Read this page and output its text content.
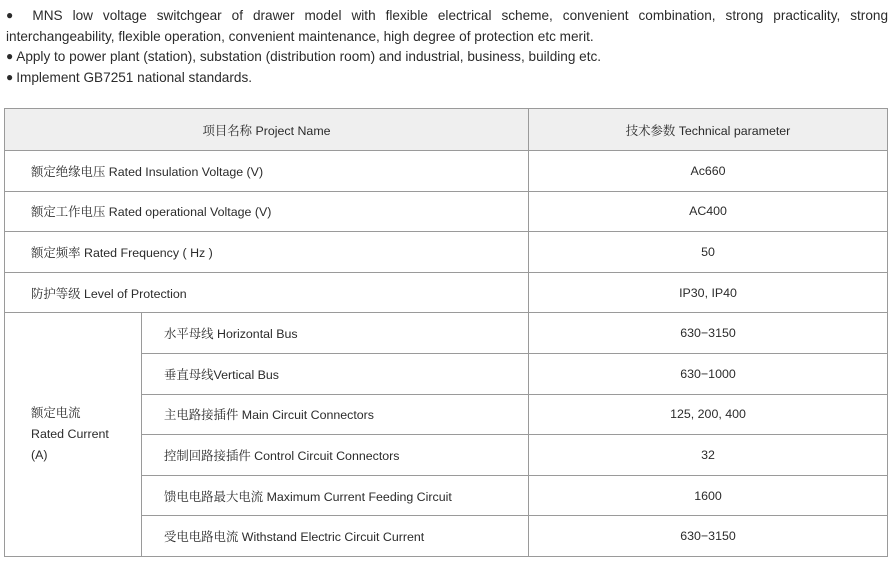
● MNS low voltage switchgear of drawer model with flexible electrical scheme, convenient combination, strong practicality, strong interchangeability, flexible operation, convenient maintenance, high degree of protection etc merit.

● Apply to power plant (station), substation (distribution room) and industrial, business, building etc.

● Implement GB7251 national standards.

项目名称 Project Name		技术参数 Technical parameter
额定绝缘电压 Rated Insulation Voltage (V)		Ac660
额定工作电压 Rated operational Voltage (V)		AC400
额定频率 Rated Frequency ( Hz )		50
防护等级 Level of Protection		IP30, IP40

额定电流
Rated Current
(A)	水平母线 Horizontal Bus	630−3150
	垂直母线Vertical Bus	630−1000
	主电路接插件 Main Circuit Connectors	125, 200, 400
	控制回路接插件 Control Circuit Connectors	32
	馈电电路最大电流 Maximum Current Feeding Circuit	1600
	受电电路电流 Withstand Electric Circuit Current	630−3150
